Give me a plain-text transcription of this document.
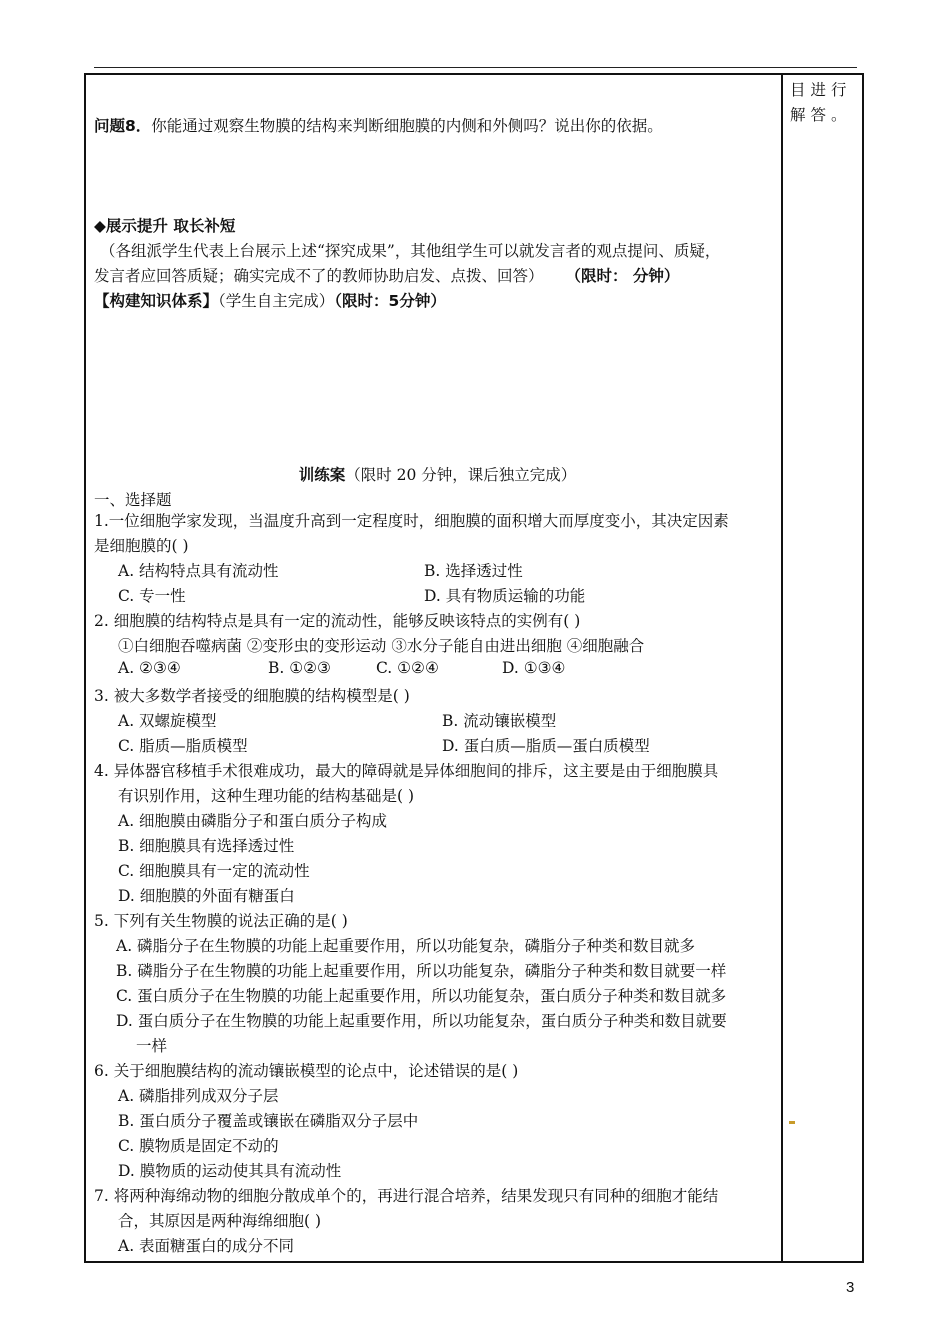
目进行解答。
问题8．你能通过观察生物膜的结构来判断细胞膜的内侧和外侧吗？说出你的依据。
◆展示提升 取长补短
（各组派学生代表上台展示上述“探究成果”，其他组学生可以就发言者的观点提问、质疑，
发言者应回答质疑；确实完成不了的教师协助启发、点拨、回答） （限时： 分钟）
【构建知识体系】（学生自主完成）（限时：5分钟）
训练案（限时 20 分钟，课后独立完成）
一、选择题
1.一位细胞学家发现，当温度升高到一定程度时，细胞膜的面积增大而厚度变小，其决定因素
是细胞膜的( )
A. 结构特点具有流动性	B. 选择透过性
C. 专一性	D. 具有物质运输的功能
2. 细胞膜的结构特点是具有一定的流动性，能够反映该特点的实例有( )
①白细胞吞噬病菌 ②变形虫的变形运动 ③水分子能自由进出细胞 ④细胞融合
A. ②③④	B. ①②③	C. ①②④	D. ①③④
3. 被大多数学者接受的细胞膜的结构模型是( )
A. 双螺旋模型	B. 流动镶嵌模型
C. 脂质—脂质模型	D. 蛋白质—脂质—蛋白质模型
4. 异体器官移植手术很难成功，最大的障碍就是异体细胞间的排斥，这主要是由于细胞膜具
有识别作用，这种生理功能的结构基础是( )
A. 细胞膜由磷脂分子和蛋白质分子构成
B. 细胞膜具有选择透过性
C. 细胞膜具有一定的流动性
D. 细胞膜的外面有糖蛋白
5. 下列有关生物膜的说法正确的是( )
A. 磷脂分子在生物膜的功能上起重要作用，所以功能复杂，磷脂分子种类和数目就多
B. 磷脂分子在生物膜的功能上起重要作用，所以功能复杂，磷脂分子种类和数目就要一样
C. 蛋白质分子在生物膜的功能上起重要作用，所以功能复杂，蛋白质分子种类和数目就多
D. 蛋白质分子在生物膜的功能上起重要作用，所以功能复杂，蛋白质分子种类和数目就要
一样
6. 关于细胞膜结构的流动镶嵌模型的论点中，论述错误的是( )
A. 磷脂排列成双分子层
B. 蛋白质分子覆盖或镶嵌在磷脂双分子层中
C. 膜物质是固定不动的
D. 膜物质的运动使其具有流动性
7. 将两种海绵动物的细胞分散成单个的，再进行混合培养，结果发现只有同种的细胞才能结
合，其原因是两种海绵细胞( )
A. 表面糖蛋白的成分不同
3
